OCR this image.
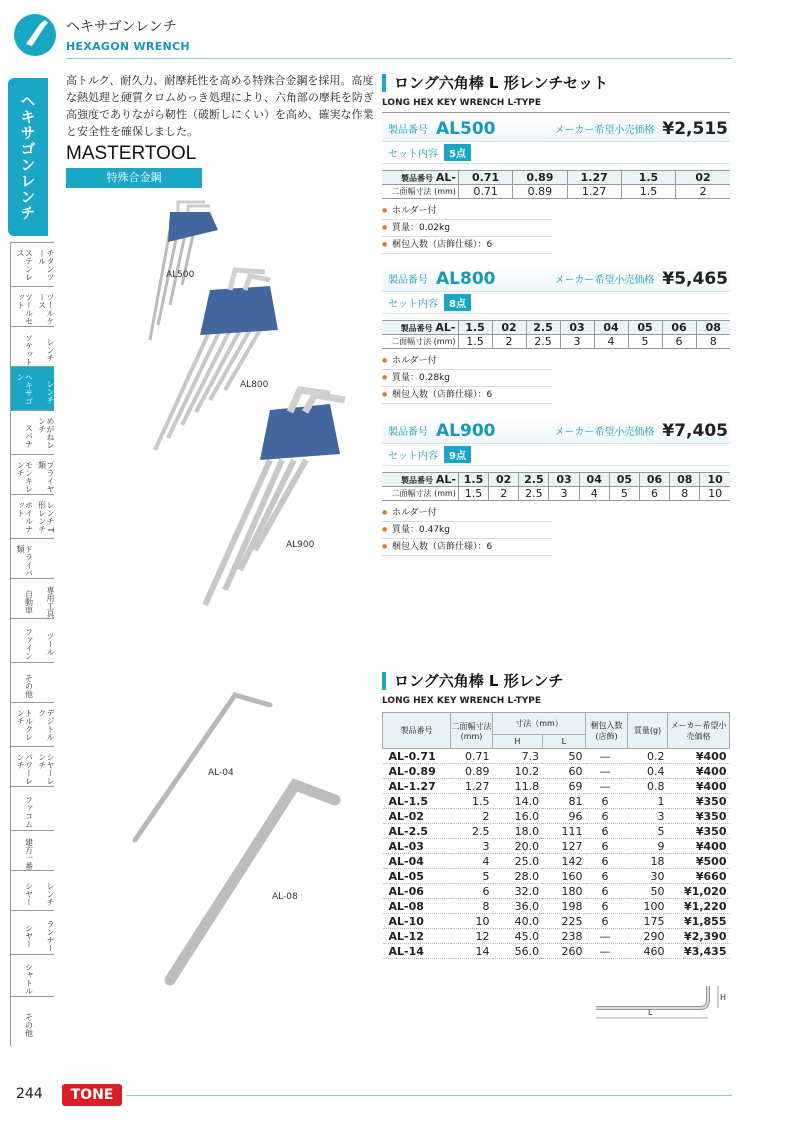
ヘキサゴンレンチ
HEXAGON WRENCH
ヘキサゴンレンチ
ステンレス	チタンツール
ツールセット	ツールケース
ソケット	レンチ
ヘキサゴン
レンチ
スパナ	めがねレンチ
モンキレンチ	プライヤ類
ホイルナット	レンチ T形レンチ
ドライバ類
自動車	専用工具
ファイン	ツール
その他
トルクレンチ	デジトルク
パワーレンチ	シヤーレンチ
ファコム
建方一番
シヤー	レンチ
シヤー	ランナー
シャトル
その他
高トルク、耐久力、耐摩耗性を高める特殊合金鋼を採用。高度な熱処理と硬質クロムめっき処理により、六角部の摩耗を防ぎ高強度でありながら靭性（破断しにくい）を高め、確実な作業と安全性を確保しました。
MASTERTOOL
特殊合金鋼
AL500
AL800
AL900
AL-04
AL-08
ロング六角棒 L 形レンチセット
LONG HEX KEY WRENCH L-TYPE
製品番号 AL500	メーカー希望小売価格 ¥2,515
セット内容	5点
製品番号 AL-	0.71	0.89	1.27	1.5	02
二面幅寸法 (mm)	0.71	0.89	1.27	1.5	2
● ホルダー付
● 質量：0.02kg
● 梱包入数（店飾仕様）：6
製品番号 AL800	メーカー希望小売価格 ¥5,465
セット内容	8点
製品番号 AL-	1.5	02	2.5	03	04	05	06	08
二面幅寸法 (mm)	1.5	2	2.5	3	4	5	6	8
● ホルダー付
● 質量：0.28kg
● 梱包入数（店飾仕様）：6
製品番号 AL900	メーカー希望小売価格 ¥7,405
セット内容	9点
製品番号 AL-	1.5	02	2.5	03	04	05	06	08	10
二面幅寸法 (mm)	1.5	2	2.5	3	4	5	6	8	10
● ホルダー付
● 質量：0.47kg
● 梱包入数（店飾仕様）：6
ロング六角棒 L 形レンチ
LONG HEX KEY WRENCH L-TYPE
製品番号	二面幅寸法(mm)	寸法（mm）		梱包入数(店飾)	質量(g)	メーカー希望小売価格
		H	L			
AL-0.71	0.71	7.3	50	—	0.2	¥400
AL-0.89	0.89	10.2	60	—	0.4	¥400
AL-1.27	1.27	11.8	69	—	0.8	¥400
AL-1.5	1.5	14.0	81	6	1	¥350
AL-02	2	16.0	96	6	3	¥350
AL-2.5	2.5	18.0	111	6	5	¥350
AL-03	3	20.0	127	6	9	¥400
AL-04	4	25.0	142	6	18	¥500
AL-05	5	28.0	160	6	30	¥660
AL-06	6	32.0	180	6	50	¥1,020
AL-08	8	36.0	198	6	100	¥1,220
AL-10	10	40.0	225	6	175	¥1,855
AL-12	12	45.0	238	—	290	¥2,390
AL-14	14	56.0	260	—	460	¥3,435
L
H
244	TONE
